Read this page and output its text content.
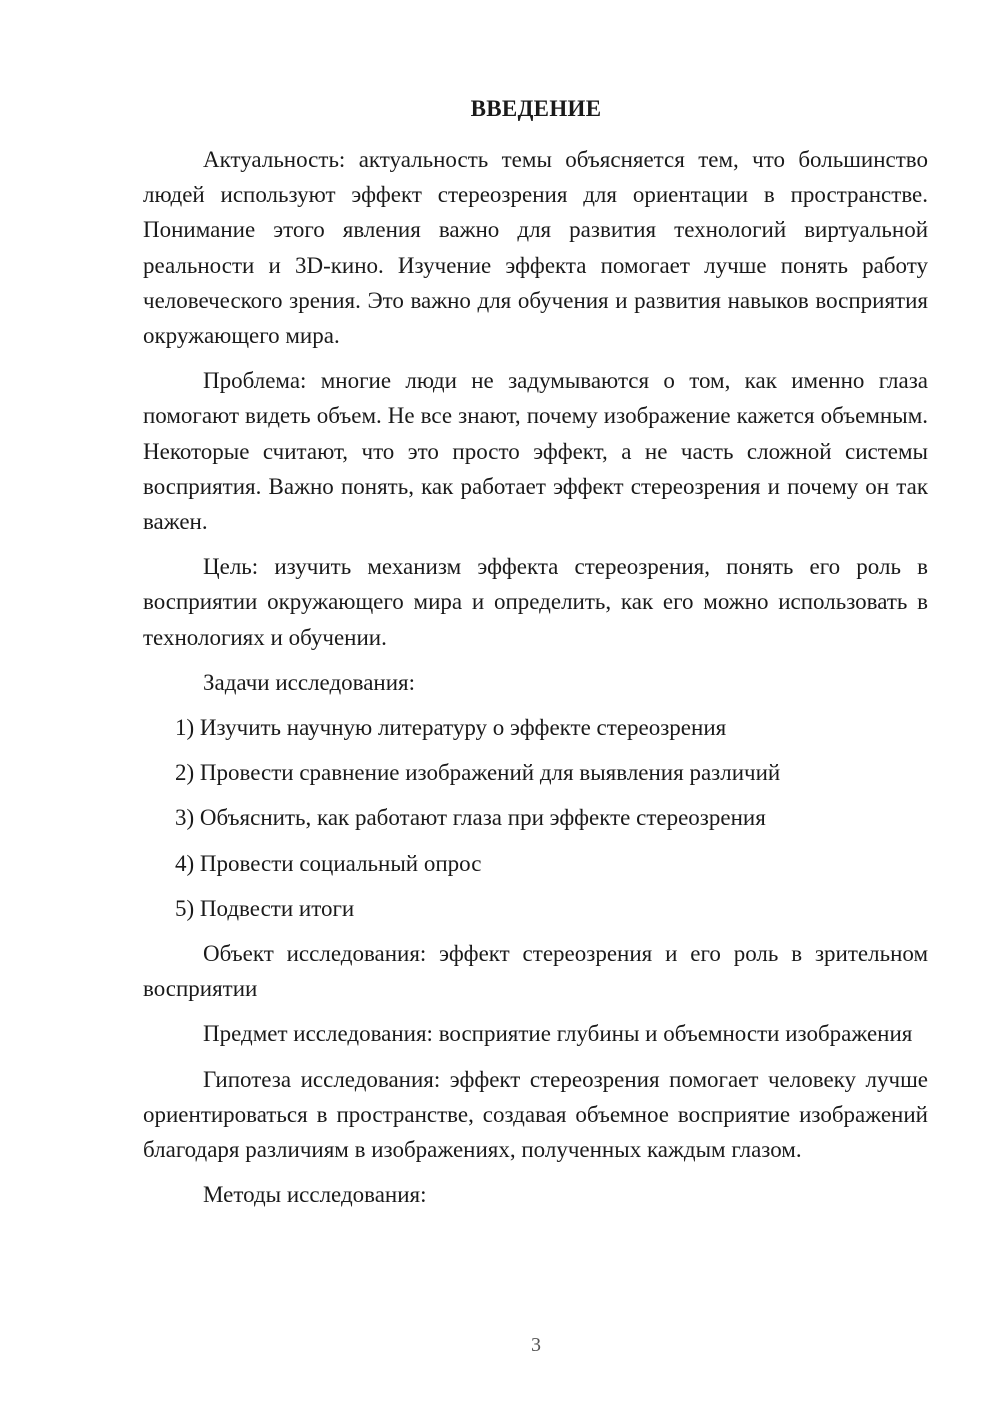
ВВЕДЕНИЕ

Актуальность: актуальность темы объясняется тем, что большинство людей используют эффект стереозрения для ориентации в пространстве. Понимание этого явления важно для развития технологий виртуальной реальности и 3D-кино. Изучение эффекта помогает лучше понять работу человеческого зрения. Это важно для обучения и развития навыков восприятия окружающего мира.

Проблема: многие люди не задумываются о том, как именно глаза помогают видеть объем. Не все знают, почему изображение кажется объемным. Некоторые считают, что это просто эффект, а не часть сложной системы восприятия. Важно понять, как работает эффект стереозрения и почему он так важен.

Цель: изучить механизм эффекта стереозрения, понять его роль в восприятии окружающего мира и определить, как его можно использовать в технологиях и обучении.

Задачи исследования:

1) Изучить научную литературу о эффекте стереозрения

2) Провести сравнение изображений для выявления различий

3) Объяснить, как работают глаза при эффекте стереозрения

4) Провести социальный опрос

5) Подвести итоги

Объект исследования: эффект стереозрения и его роль в зрительном восприятии

Предмет исследования: восприятие глубины и объемности изображения

Гипотеза исследования: эффект стереозрения помогает человеку лучше ориентироваться в пространстве, создавая объемное восприятие изображений благодаря различиям в изображениях, полученных каждым глазом.

Методы исследования:

3
